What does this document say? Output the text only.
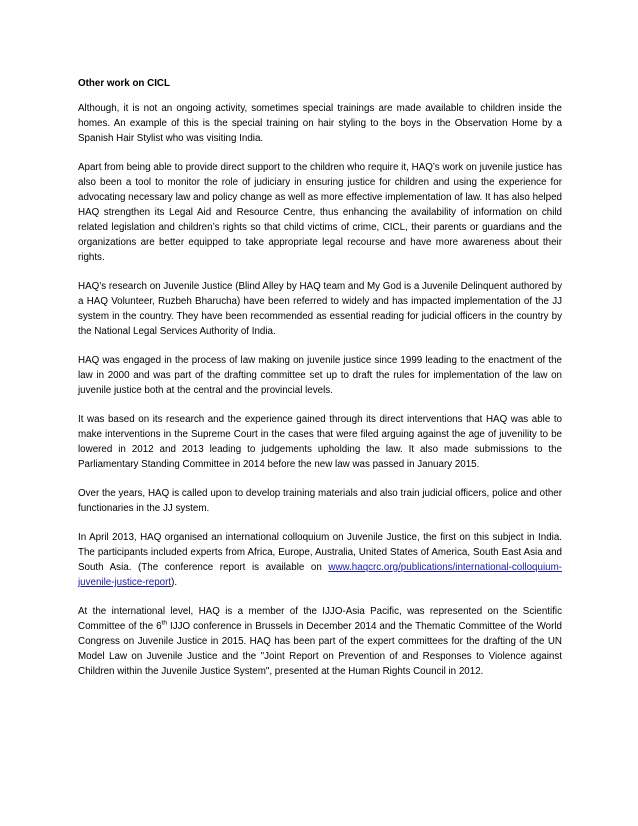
Other work on CICL

Although, it is not an ongoing activity, sometimes special trainings are made available to children inside the homes. An example of this is the special training on hair styling to the boys in the Observation Home by a Spanish Hair Stylist who was visiting India.

Apart from being able to provide direct support to the children who require it, HAQ’s work on juvenile justice has also been a tool to monitor the role of judiciary in ensuring justice for children and using the experience for advocating necessary law and policy change as well as more effective implementation of law. It has also helped HAQ strengthen its Legal Aid and Resource Centre, thus enhancing the availability of information on child related legislation and children’s rights so that child victims of crime, CICL, their parents or guardians and the organizations are better equipped to take appropriate legal recourse and have more awareness about their rights.

HAQ’s research on Juvenile Justice (Blind Alley by HAQ team and My God is a Juvenile Delinquent authored by a HAQ Volunteer, Ruzbeh Bharucha) have been referred to widely and has impacted implementation of the JJ system in the country. They have been recommended as essential reading for judicial officers in the country by the National Legal Services Authority of India.

HAQ was engaged in the process of law making on juvenile justice since 1999 leading to the enactment of the law in 2000 and was part of the drafting committee set up to draft the rules for implementation of the law on juvenile justice both at the central and the provincial levels.

It was based on its research and the experience gained through its direct interventions that HAQ was able to make interventions in the Supreme Court in the cases that were filed arguing against the age of juvenility to be lowered in 2012 and 2013 leading to judgements upholding the law. It also made submissions to the Parliamentary Standing Committee in 2014 before the new law was passed in January 2015.

Over the years, HAQ is called upon to develop training materials and also train judicial officers, police and other functionaries in the JJ system.

In April 2013, HAQ organised an international colloquium on Juvenile Justice, the first on this subject in India. The participants included experts from Africa, Europe, Australia, United States of America, South East Asia and South Asia. (The conference report is available on www.haqcrc.org/publications/international-colloquium-juvenile-justice-report).

At the international level, HAQ is a member of the IJJO-Asia Pacific, was represented on the Scientific Committee of the 6th IJJO conference in Brussels in December 2014 and the Thematic Committee of the World Congress on Juvenile Justice in 2015. HAQ has been part of the expert committees for the drafting of the UN Model Law on Juvenile Justice and the "Joint Report on Prevention of and Responses to Violence against Children within the Juvenile Justice System", presented at the Human Rights Council in 2012.
